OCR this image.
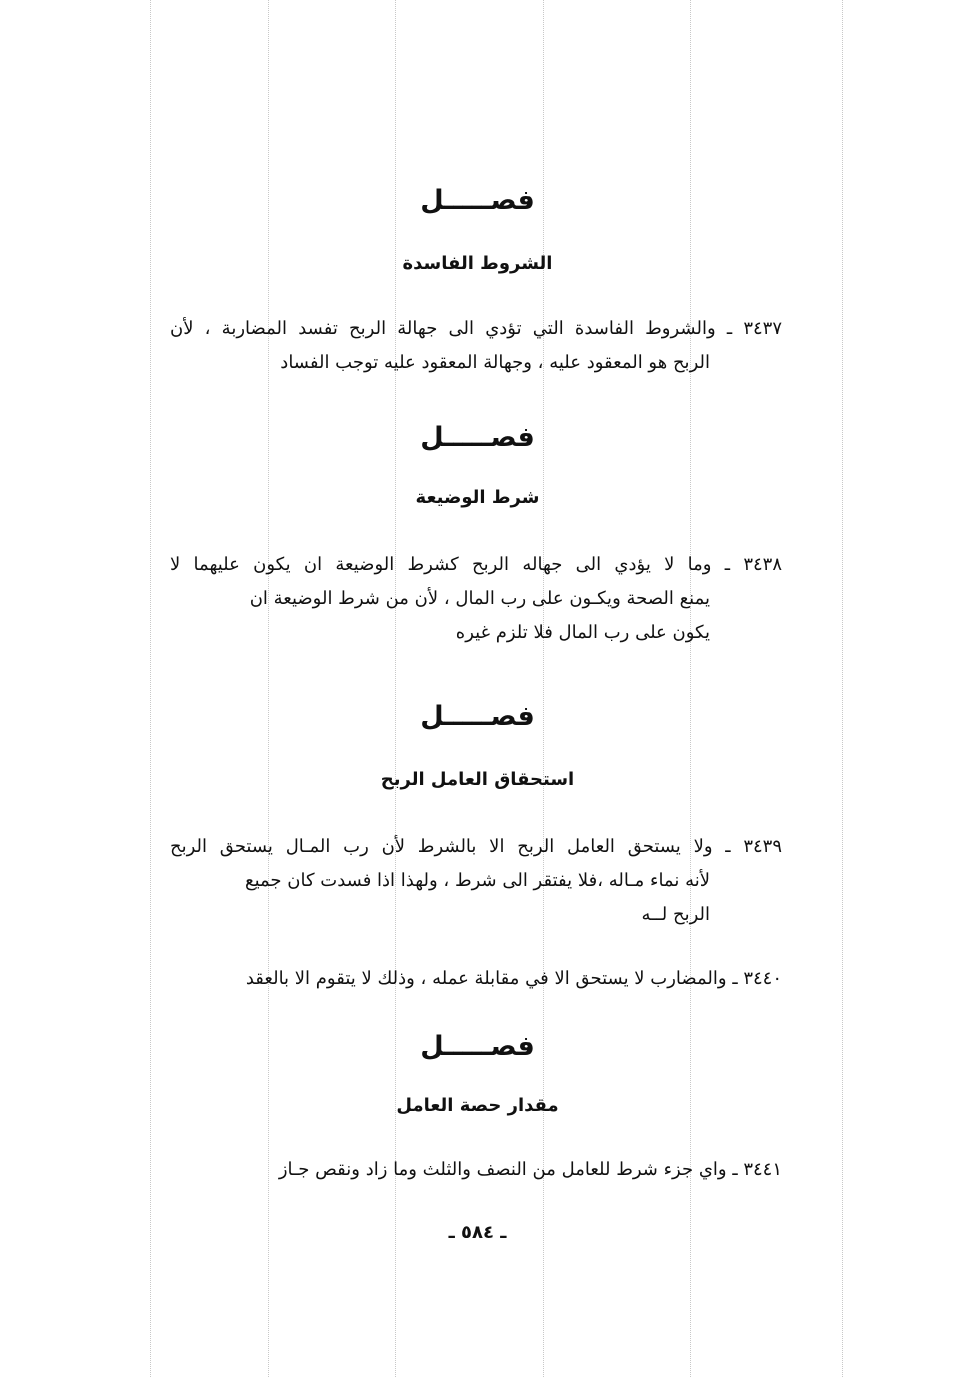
فصـــــل
الشروط الفاسدة
٣٤٣٧ ـ والشروط الفاسدة التي تؤدي الى جهالة الربح تفسد المضاربة ، لأن
الربح هو المعقود عليه ، وجهالة المعقود عليه توجب الفساد
فصـــــل
شرط الوضيعة
٣٤٣٨ ـ وما لا يؤدي الى جهاله الربح كشرط الوضيعة ان يكون عليهما لا
يمنع الصحة ويكـون على رب المال ، لأن من شرط الوضيعة ان
يكون على رب المال فلا تلزم غيره
فصـــــل
استحقاق العامل الربح
٣٤٣٩ ـ ولا يستحق العامل الربح الا بالشرط لأن رب المـال يستحق الربح
لأنه نماء مـاله ،فلا يفتقر الى شرط ، ولهذا اذا فسدت كان جميع
الربح لــه
٣٤٤٠ ـ والمضارب لا يستحق الا في مقابلة عمله ، وذلك لا يتقوم الا بالعقد
فصـــــل
مقدار حصة العامل
٣٤٤١ ـ واي جزء شرط للعامل من النصف والثلث وما زاد ونقص جـاز
ـ ٥٨٤ ـ
